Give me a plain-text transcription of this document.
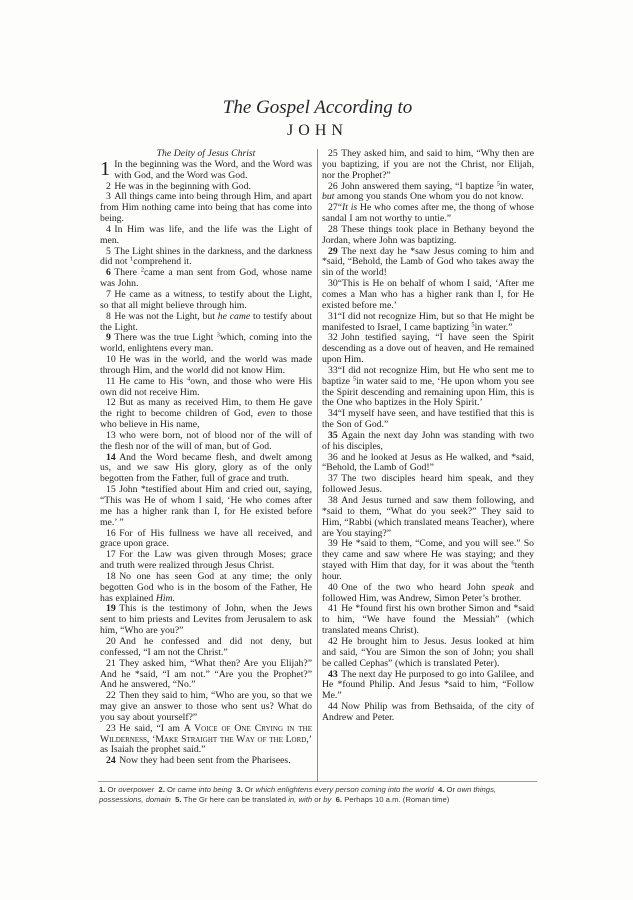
The Gospel According to
JOHN

The Deity of Jesus Christ

1 In the beginning was the Word, and the Word was with God, and the Word was God.

2 He was in the beginning with God.

3 All things came into being through Him, and apart from Him nothing came into being that has come into being.

4 In Him was life, and the life was the Light of men.

5 The Light shines in the darkness, and the darkness did not $^1$comprehend it.

6 There $^2$came a man sent from God, whose name was John.

7 He came as a witness, to testify about the Light, so that all might believe through him.

8 He was not the Light, but he came to testify about the Light.

9 There was the true Light $^3$which, coming into the world, enlightens every man.

10 He was in the world, and the world was made through Him, and the world did not know Him.

11 He came to His $^4$own, and those who were His own did not receive Him.

12 But as many as received Him, to them He gave the right to become children of God, even to those who believe in His name,

13 who were born, not of blood nor of the will of the flesh nor of the will of man, but of God.

14 And the Word became flesh, and dwelt among us, and we saw His glory, glory as of the only begotten from the Father, full of grace and truth.

15 John *testified about Him and cried out, saying, “This was He of whom I said, ‘He who comes after me has a higher rank than I, for He existed before me.’ ”

16 For of His fullness we have all received, and grace upon grace.

17 For the Law was given through Moses; grace and truth were realized through Jesus Christ.

18 No one has seen God at any time; the only begotten God who is in the bosom of the Father, He has explained Him.

19 This is the testimony of John, when the Jews sent to him priests and Levites from Jerusalem to ask him, “Who are you?”

20 And he confessed and did not deny, but confessed, “I am not the Christ.”

21 They asked him, “What then? Are you Elijah?” And he *said, “I am not.” “Are you the Prophet?” And he answered, “No.”

22 Then they said to him, “Who are you, so that we may give an answer to those who sent us? What do you say about yourself?”

23 He said, “I am A Voice of One Crying in the Wilderness, ‘Make Straight the Way of the Lord,’ as Isaiah the prophet said.”

24 Now they had been sent from the Pharisees.

25 They asked him, and said to him, “Why then are you baptizing, if you are not the Christ, nor Elijah, nor the Prophet?”

26 John answered them saying, “I baptize $^5$in water, but among you stands One whom you do not know.

27“It is He who comes after me, the thong of whose sandal I am not worthy to untie.”

28 These things took place in Bethany beyond the Jordan, where John was baptizing.

29 The next day he *saw Jesus coming to him and *said, “Behold, the Lamb of God who takes away the sin of the world!

30“This is He on behalf of whom I said, ‘After me comes a Man who has a higher rank than I, for He existed before me.’

31“I did not recognize Him, but so that He might be manifested to Israel, I came baptizing $^5$in water.”

32 John testified saying, “I have seen the Spirit descending as a dove out of heaven, and He remained upon Him.

33“I did not recognize Him, but He who sent me to baptize $^5$in water said to me, ‘He upon whom you see the Spirit descending and remaining upon Him, this is the One who baptizes in the Holy Spirit.’

34“I myself have seen, and have testified that this is the Son of God.”

35 Again the next day John was standing with two of his disciples,

36 and he looked at Jesus as He walked, and *said, “Behold, the Lamb of God!”

37 The two disciples heard him speak, and they followed Jesus.

38 And Jesus turned and saw them following, and *said to them, “What do you seek?” They said to Him, “Rabbi (which translated means Teacher), where are You staying?”

39 He *said to them, “Come, and you will see.” So they came and saw where He was staying; and they stayed with Him that day, for it was about the $^6$tenth hour.

40 One of the two who heard John speak and followed Him, was Andrew, Simon Peter’s brother.

41 He *found first his own brother Simon and *said to him, “We have found the Messiah” (which translated means Christ).

42 He brought him to Jesus. Jesus looked at him and said, “You are Simon the son of John; you shall be called Cephas” (which is translated Peter).

43 The next day He purposed to go into Galilee, and He *found Philip. And Jesus *said to him, “Follow Me.”

44 Now Philip was from Bethsaida, of the city of Andrew and Peter.

1. Or overpower 2. Or came into being 3. Or which enlightens every person coming into the world 4. Or own things, possessions, domain 5. The Gr here can be translated in, with or by 6. Perhaps 10 a.m. (Roman time)
